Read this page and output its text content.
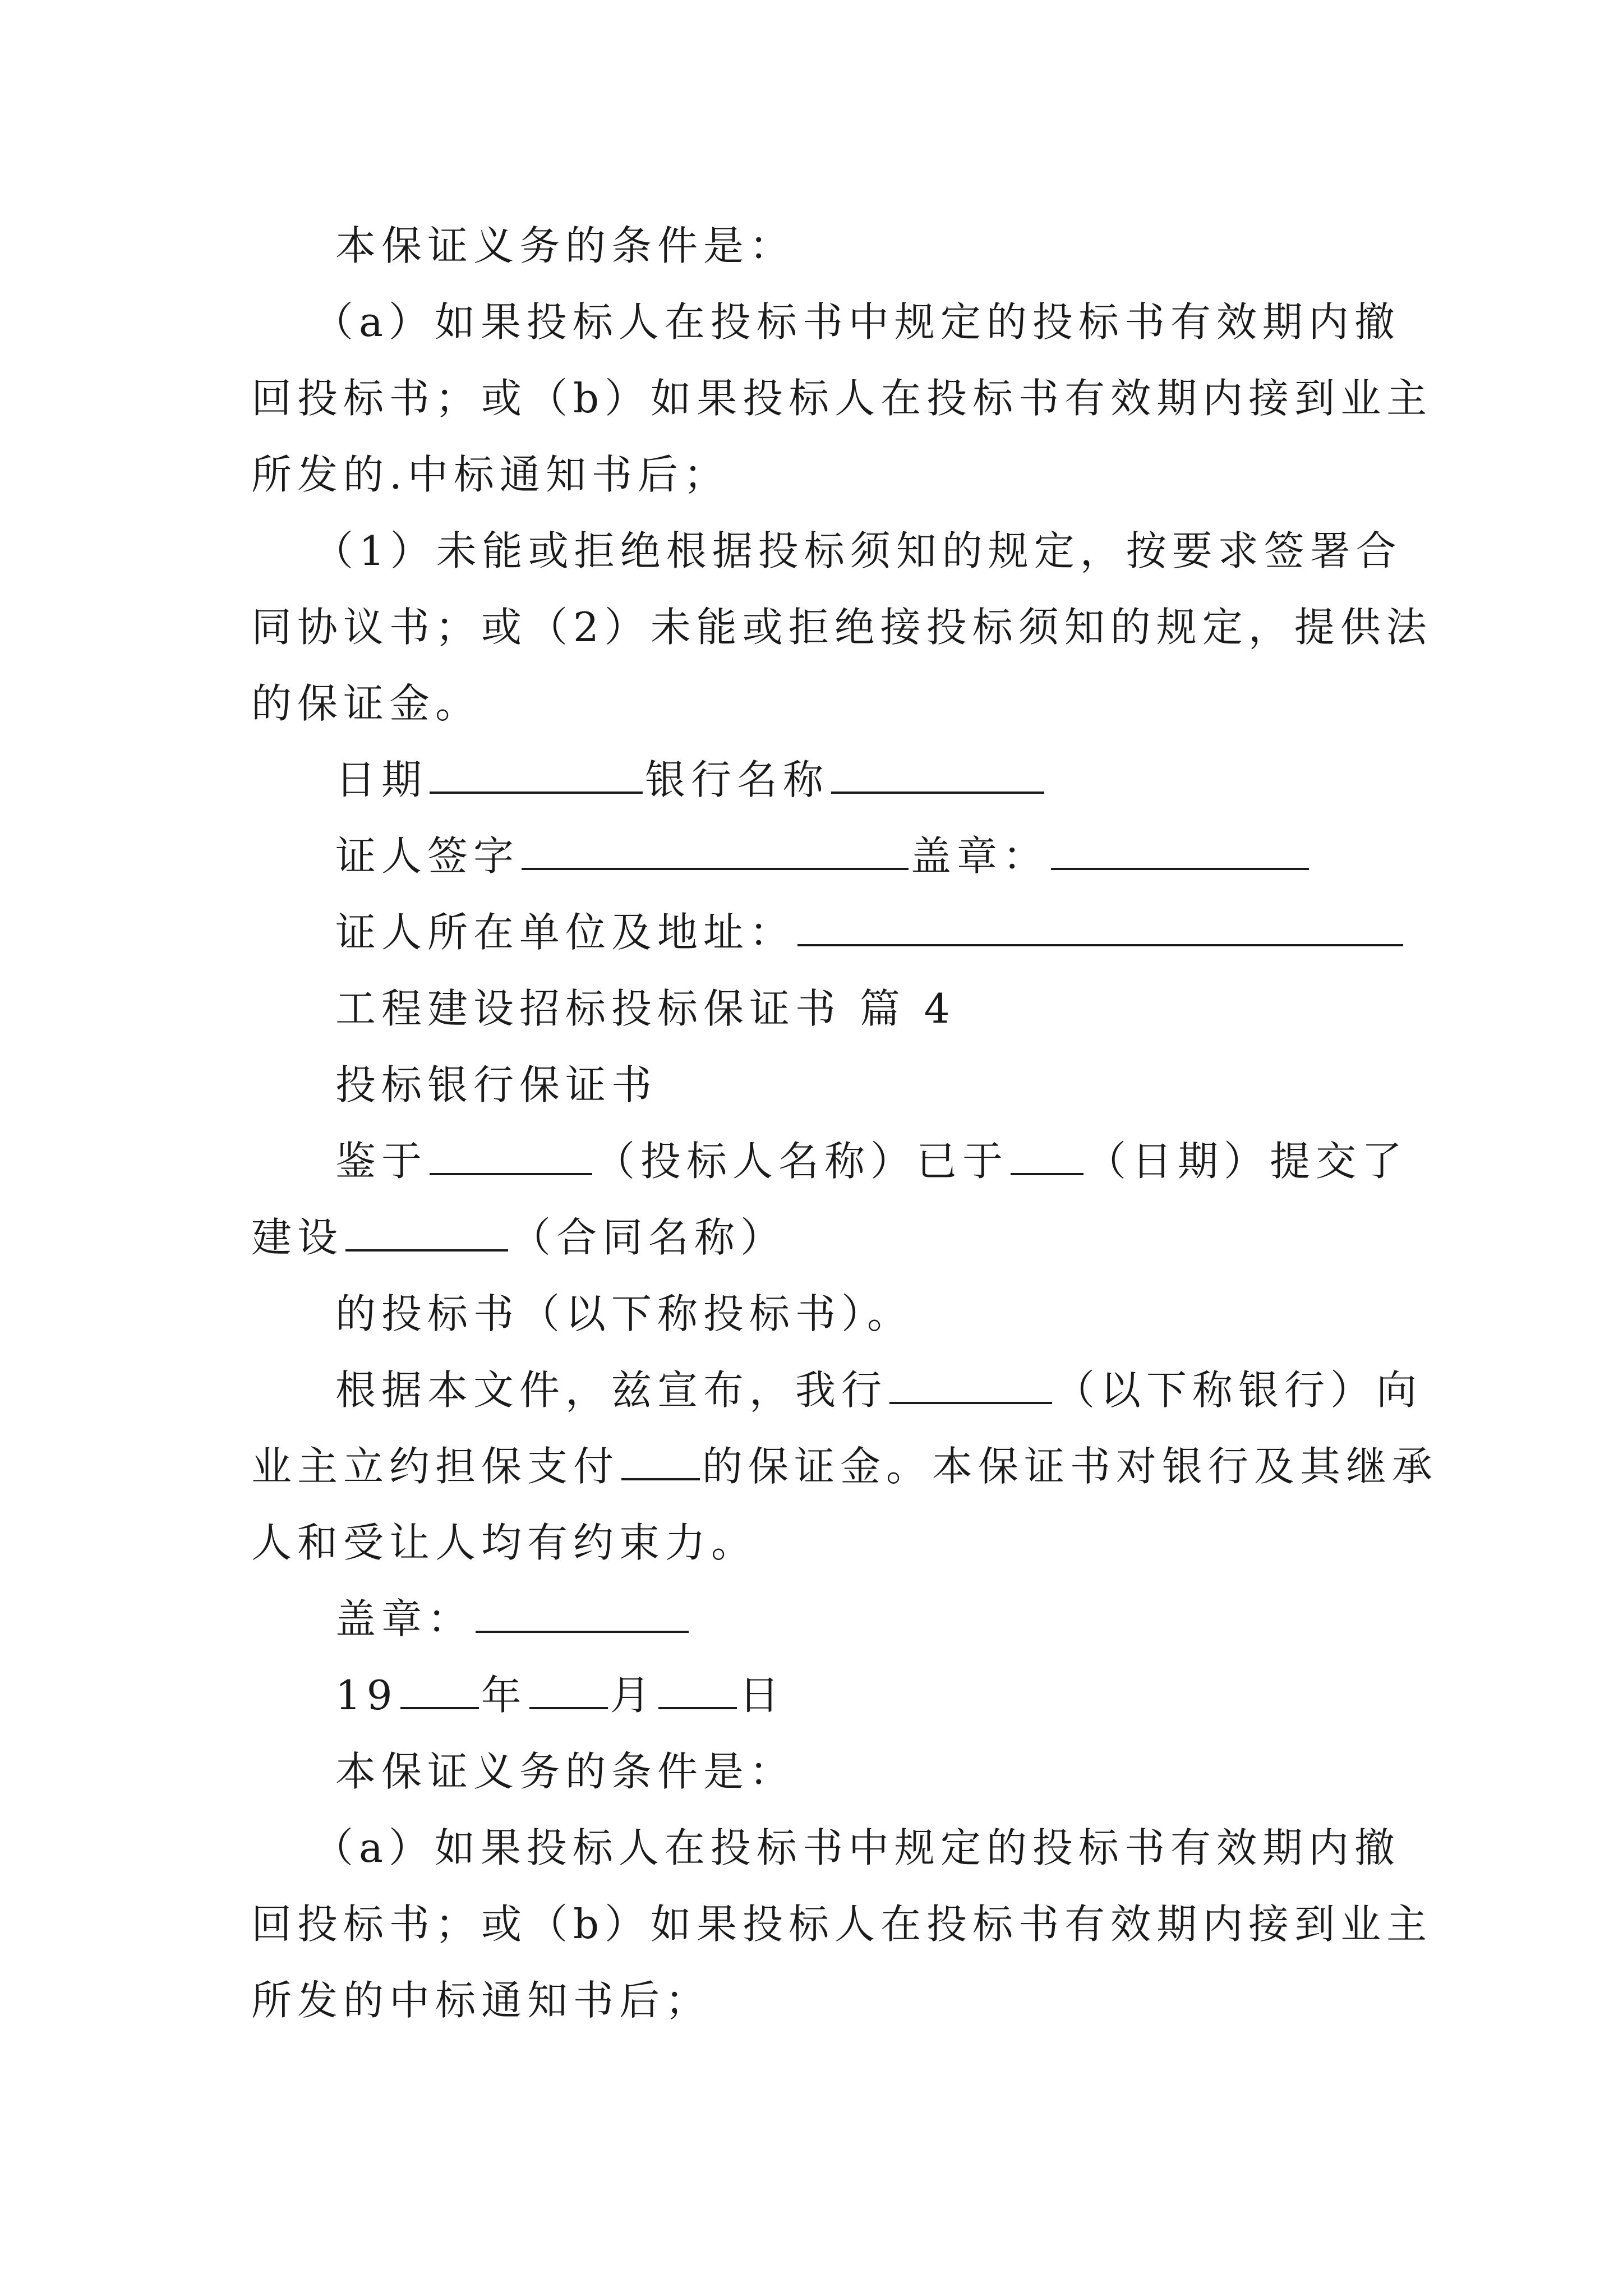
本保证义务的条件是：
（a）如果投标人在投标书中规定的投标书有效期内撤
回投标书；或（b）如果投标人在投标书有效期内接到业主
所发的.中标通知书后；
（1）未能或拒绝根据投标须知的规定，按要求签署合
同协议书；或（2）未能或拒绝接投标须知的规定，提供法
的保证金。
日期	银行名称
证人签字	盖章：
证人所在单位及地址：
工程建设招标投标保证书 篇 4
投标银行保证书
鉴于	（投标人名称）已于 （日期）提交了
建设	（合同名称）
的投标书（以下称投标书）。
根据本文件，兹宣布，我行	（以下称银行）向
业主立约担保支付 的保证金。本保证书对银行及其继承
人和受让人均有约束力。
盖章：
19 年 月 日
本保证义务的条件是：
（a）如果投标人在投标书中规定的投标书有效期内撤
回投标书；或（b）如果投标人在投标书有效期内接到业主
所发的中标通知书后；
